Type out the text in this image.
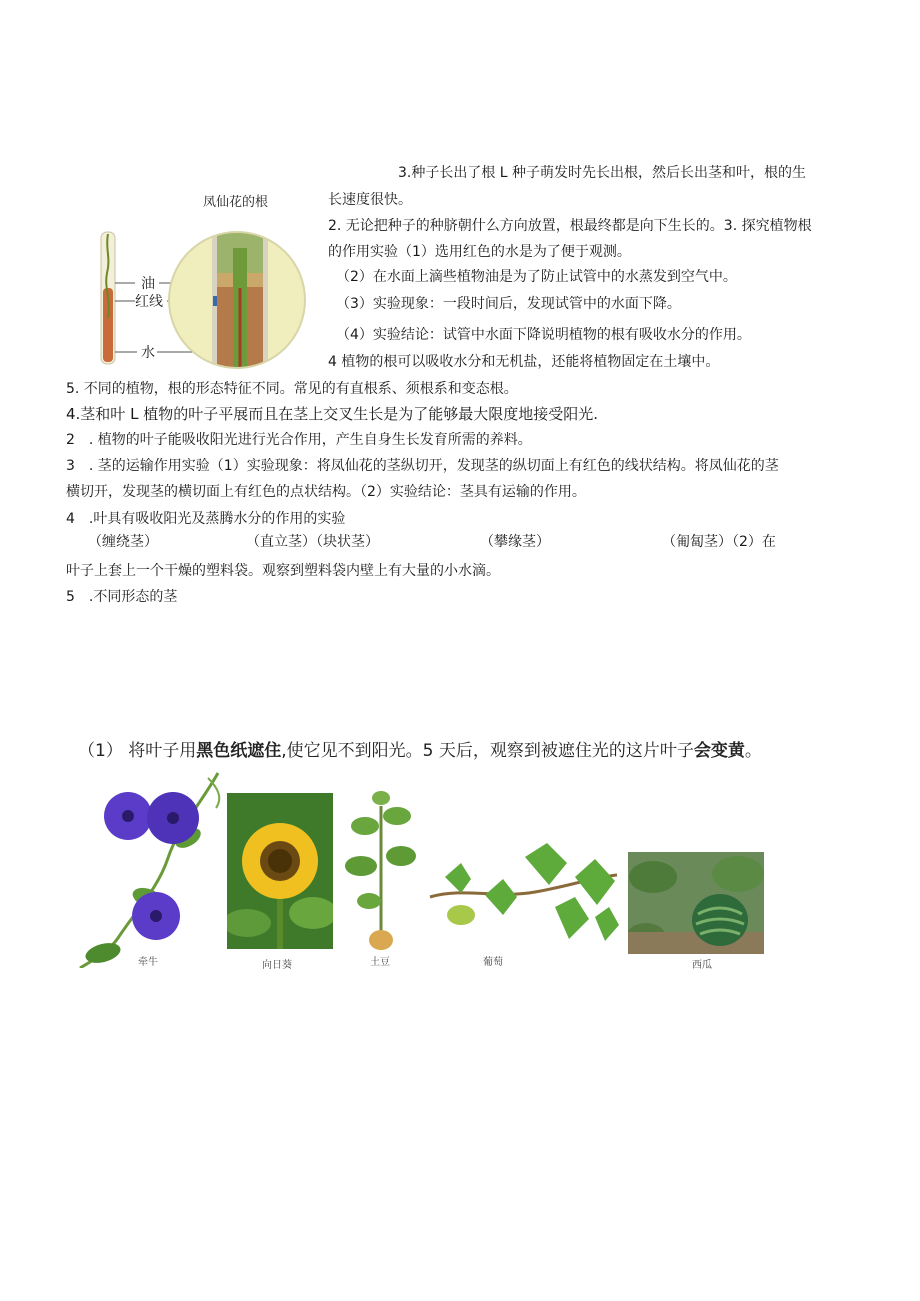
凤仙花的根
油
红线
水
3.种子长出了根 L 种子萌发时先长出根，然后长出茎和叶，根的生
长速度很快。
2. 无论把种子的种脐朝什么方向放置，根最终都是向下生长的。3. 探究植物根
的作用实验（1）选用红色的水是为了便于观测。
（2）在水面上滴些植物油是为了防止试管中的水蒸发到空气中。
（3）实验现象：一段时间后，发现试管中的水面下降。
（4）实验结论：试管中水面下降说明植物的根有吸收水分的作用。
4 植物的根可以吸收水分和无机盐，还能将植物固定在土壤中。
5. 不同的植物，根的形态特征不同。常见的有直根系、须根系和变态根。
4.茎和叶 L 植物的叶子平展而且在茎上交叉生长是为了能够最大限度地接受阳光.
2　. 植物的叶子能吸收阳光进行光合作用，产生自身生长发育所需的养料。
3　. 茎的运输作用实验（1）实验现象：将凤仙花的茎纵切开，发现茎的纵切面上有红色的线状结构。将凤仙花的茎
横切开，发现茎的横切面上有红色的点状结构。（2）实验结论：茎具有运输的作用。
4　.叶具有吸收阳光及蒸腾水分的作用的实验
（缠绕茎）	（直立茎）（块状茎）	（攀缘茎）	（匍匐茎）（2）在
叶子上套上一个干燥的塑料袋。观察到塑料袋内壁上有大量的小水滴。
5　.不同形态的茎
（1） 将叶子用黑色纸遮住,使它见不到阳光。5 天后，观察到被遮住光的这片叶子会变黄。
牵牛	向日葵	土豆	葡萄	西瓜
